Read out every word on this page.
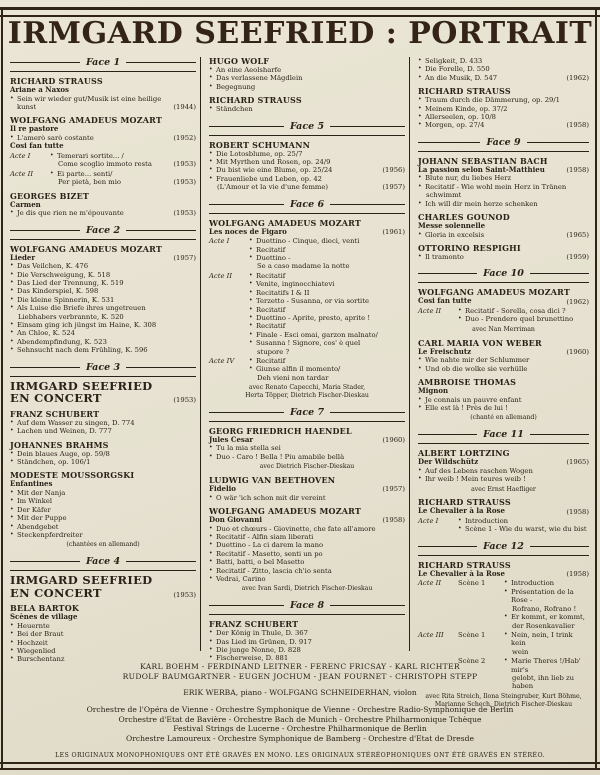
IRMGARD SEEFRIED : PORTRAIT
Face 1
RICHARD STRAUSS
Ariane a Naxos
• Sein wir wieder gut/Musik ist eine heilige kunst	(1944)
WOLFGANG AMADEUS MOZART
Il re pastore
• L'amerò sarò costante	(1952)
Cosi fan tutte
Acte I	• Temerari sortite... /
Come scoglio immoto resta	(1953)
Acte II	• Ei parte... senti/
Per pietà, ben mio	(1953)
GEORGES BIZET
Carmen
• Je dis que rien ne m'épouvante	(1953)
Face 2
WOLFGANG AMADEUS MOZART
Lieder	(1957)
• Das Veilchen, K. 476
• Die Verschweigung, K. 518
• Das Lied der Trennung, K. 519
• Das Kinderspiel, K. 598
• Die kleine Spinnerin, K. 531
• Als Luise die Briefe ihres ungetreuen
Liebhabers verbrannte, K. 520
• Einsam ging ich jüngst im Haine, K. 308
• An Chloe, K. 524
• Abendempfindung, K. 523
• Sehnsucht nach dem Frühling, K. 596
Face 3
IRMGARD SEEFRIED
EN CONCERT	(1953)
FRANZ SCHUBERT
• Auf dem Wasser zu singen, D. 774
• Lachen und Weinen, D. 777
JOHANNES BRAHMS
• Dein blaues Auge, op. 59/8
• Ständchen, op. 106/1
MODESTE MOUSSORGSKI
Enfantines
• Mit der Nanja
• Im Winkel
• Der Käfer
• Mit der Puppe
• Abendgebet
• Steckenpferdreiter
(chantées en allemand)
Face 4
IRMGARD SEEFRIED
EN CONCERT	(1953)
BELA BARTOK
Scènes de village
• Heuernte
• Bei der Braut
• Hochzeit
• Wiegenlied
• Burschentanz
HUGO WOLF
• An eine Aeolsharfe
• Das verlassene Mägdlein
• Begegnung
RICHARD STRAUSS
• Ständchen
Face 5
ROBERT SCHUMANN
• Die Lotosblume, op. 25/7
• Mit Myrthen und Rosen, op. 24/9
• Du bist wie eine Blume, op. 25/24	(1956)
• Frauenliebe und Leben, op. 42
(L'Amour et la vie d'une femme)	(1957)
Face 6
WOLFGANG AMADEUS MOZART
Les noces de Figaro	(1961)
Acte I	• Duettino - Cinque, dieci, venti
• Recitatif
• Duettino -
Se a caso madame la notte
Acte II	• Recitatif
• Venite, inginocchiatevi
• Recitatifs I & II
• Terzetto - Susanna, or via sortite
• Recitatif
• Duettino - Aprite, presto, aprite !
• Recitatif
• Finale - Esci omai, garzon malnato/
• Susanna ! Signore, cos' è quel
stupore ?
Acte IV	• Recitatif
• Giunse alfin il momento/
Deh vieni non tardar
avec Renato Capecchi, Maria Stader,
Herta Töpper, Dietrich Fischer-Dieskau
Face 7
GEORG FRIEDRICH HAENDEL
Jules Cesar	(1960)
• Tu la mia stella sei
• Duo - Caro ! Bella ! Piu amabile bellà
avec Dietrich Fischer-Dieskau
LUDWIG VAN BEETHOVEN
Fidelio	(1957)
• O wär 'ich schon mit dir vereint
WOLFGANG AMADEUS MOZART
Don Giovanni	(1958)
• Duo et chœurs - Giovinette, che fate all'amore
• Recitatif - Alfin siam liberati
• Duettino - La ci darem la mano
• Recitatif - Masetto, senti un po
• Batti, batti, o bel Masetto
• Recitatif - Zitto, lascia ch'io senta
• Vedrai, Carino
avec Ivan Sardi, Dietrich Fischer-Dieskau
Face 8
FRANZ SCHUBERT
• Der König in Thule, D. 367
• Das Lied im Grünen, D. 917
• Die junge Nonne, D. 828
• Fischerweise, D. 881
• Seligkeit, D. 433
• Die Forelle, D. 550
• An die Musik, D. 547	(1962)
RICHARD STRAUSS
• Traum durch die Dämmerung, op. 29/1
• Meinem Kinde, op. 37/2
• Allerseelen, op. 10/8
• Morgen, op. 27/4	(1958)
Face 9
JOHANN SEBASTIAN BACH
La passion selon Saint-Matthieu	(1958)
• Blute nur, du liebes Herz
• Recitatif - Wie wohl mein Herz in Tränen
schwimmt
• Ich will dir mein herze schenken
CHARLES GOUNOD
Messe solennelle
• Gloria in excelsis	(1965)
OTTORINO RESPIGHI
• Il tramonto	(1959)
Face 10
WOLFGANG AMADEUS MOZART
Cosi fan tutte	(1962)
Acte II	• Recitatif - Sorella, cosa dici ?
• Duo - Prendero quel brunettino
avec Nan Merriman
CARL MARIA VON WEBER
Le Freischutz	(1960)
• Wie nahte mir der Schlummer
• Und ob die wolke sie verhülle
AMBROISE THOMAS
Mignon
• Je connais un pauvre enfant
• Elle est là ! Près de lui !
(chanté en allemand)
Face 11
ALBERT LORTZING
Der Wildschütz	(1965)
• Auf des Lebens raschen Wogen
• Ihr weib ! Mein teures weib !
avec Ernst Haefliger
RICHARD STRAUSS
Le Chevalier à la Rose	(1958)
Acte I	• Introduction
• Scène 1 - Wie du warst, wie du bist
Face 12
RICHARD STRAUSS
Le Chevalier à la Rose	(1958)
Acte II	Scène 1	• Introduction
• Présentation de la Rose -
Rofrano, Rofrano !
• Er kommt, er kommt,
der Rosenkavalier
Acte III	Scène 1	• Nein, nein, I trink kein
wein
Scène 2	• Marie Theres !/Hab' mir's
gelobt, ihn lieb zu haben
avec Rita Streich, Ilona Steingruber, Kurt Böhme,
Marianne Schech, Dietrich Fischer-Dieskau
KARL BOEHM - FERDINAND LEITNER - FERENC FRICSAY - KARL RICHTER
RUDOLF BAUMGARTNER - EUGEN JOCHUM - JEAN FOURNET - CHRISTOPH STEPP
ERIK WERBA, piano - WOLFGANG SCHNEIDERHAN, violon
Orchestre de l'Opéra de Vienne - Orchestre Symphonique de Vienne - Orchestre Radio-Symphonique de Berlin
Orchestre d'Etat de Bavière - Orchestre Bach de Munich - Orchestre Philharmonique Tchèque
Festival Strings de Lucerne - Orchestre Philharmonique de Berlin
Orchestre Lamoureux - Orchestre Symphonique de Bamberg - Orchestre d'Etat de Dresde
LES ORIGINAUX MONOPHONIQUES ONT ÉTÉ GRAVÉS EN MONO. LES ORIGINAUX STÉRÉOPHONIQUES ONT ÉTÉ GRAVÉS EN STÉRÉO.
